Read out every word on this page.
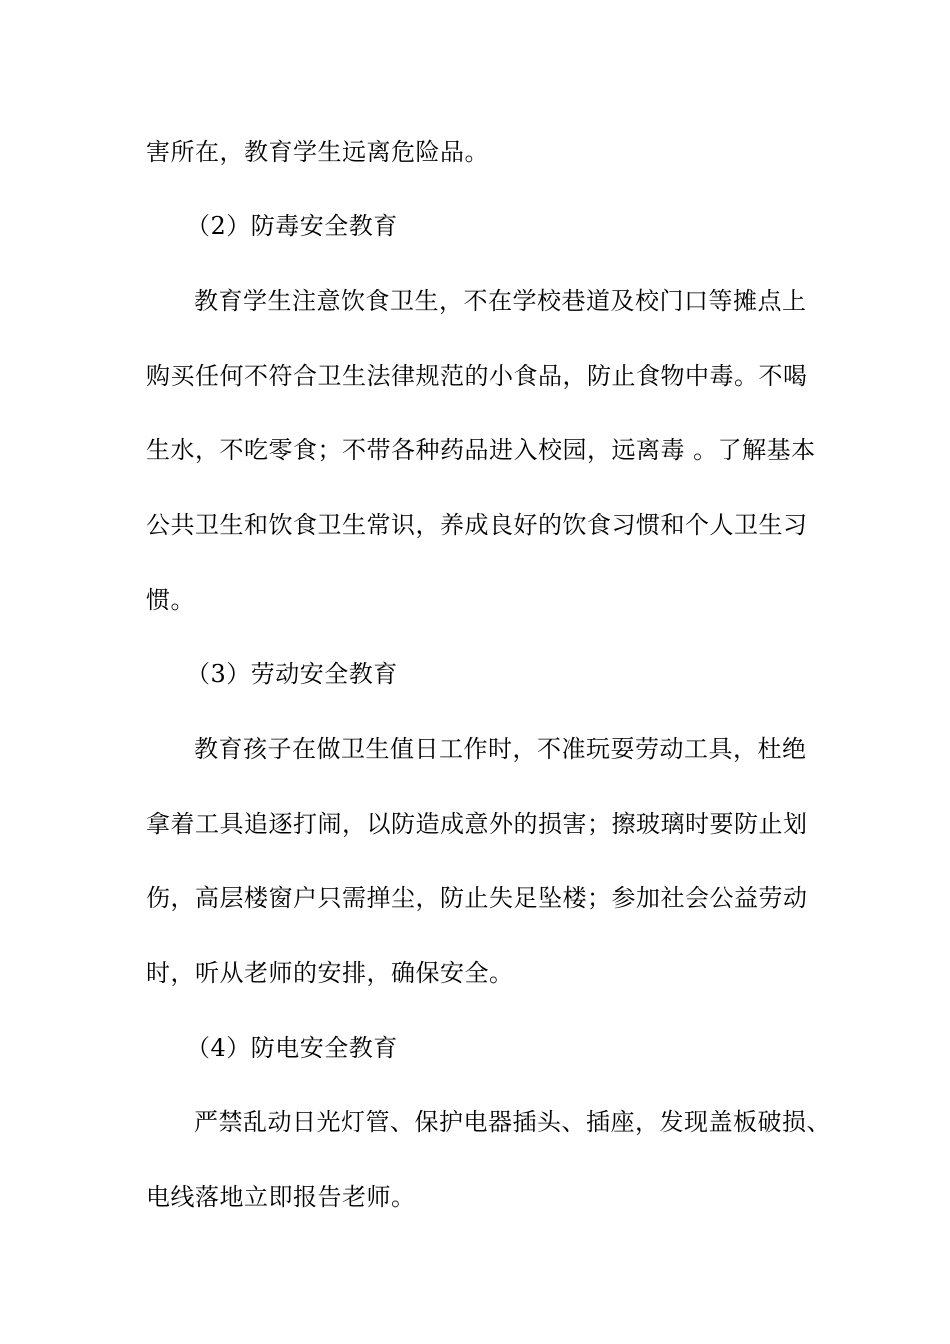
害所在，教育学生远离危险品。
（2）防毒安全教育
教育学生注意饮食卫生，不在学校巷道及校门口等摊点上
购买任何不符合卫生法律规范的小食品，防止食物中毒。不喝
生水，不吃零食；不带各种药品进入校园，远离毒 。了解基本
公共卫生和饮食卫生常识，养成良好的饮食习惯和个人卫生习
惯。
（3）劳动安全教育
教育孩子在做卫生值日工作时，不准玩耍劳动工具，杜绝
拿着工具追逐打闹，以防造成意外的损害；擦玻璃时要防止划
伤，高层楼窗户只需掸尘，防止失足坠楼；参加社会公益劳动
时，听从老师的安排，确保安全。
（4）防电安全教育
严禁乱动日光灯管、保护电器插头、插座，发现盖板破损、
电线落地立即报告老师。
